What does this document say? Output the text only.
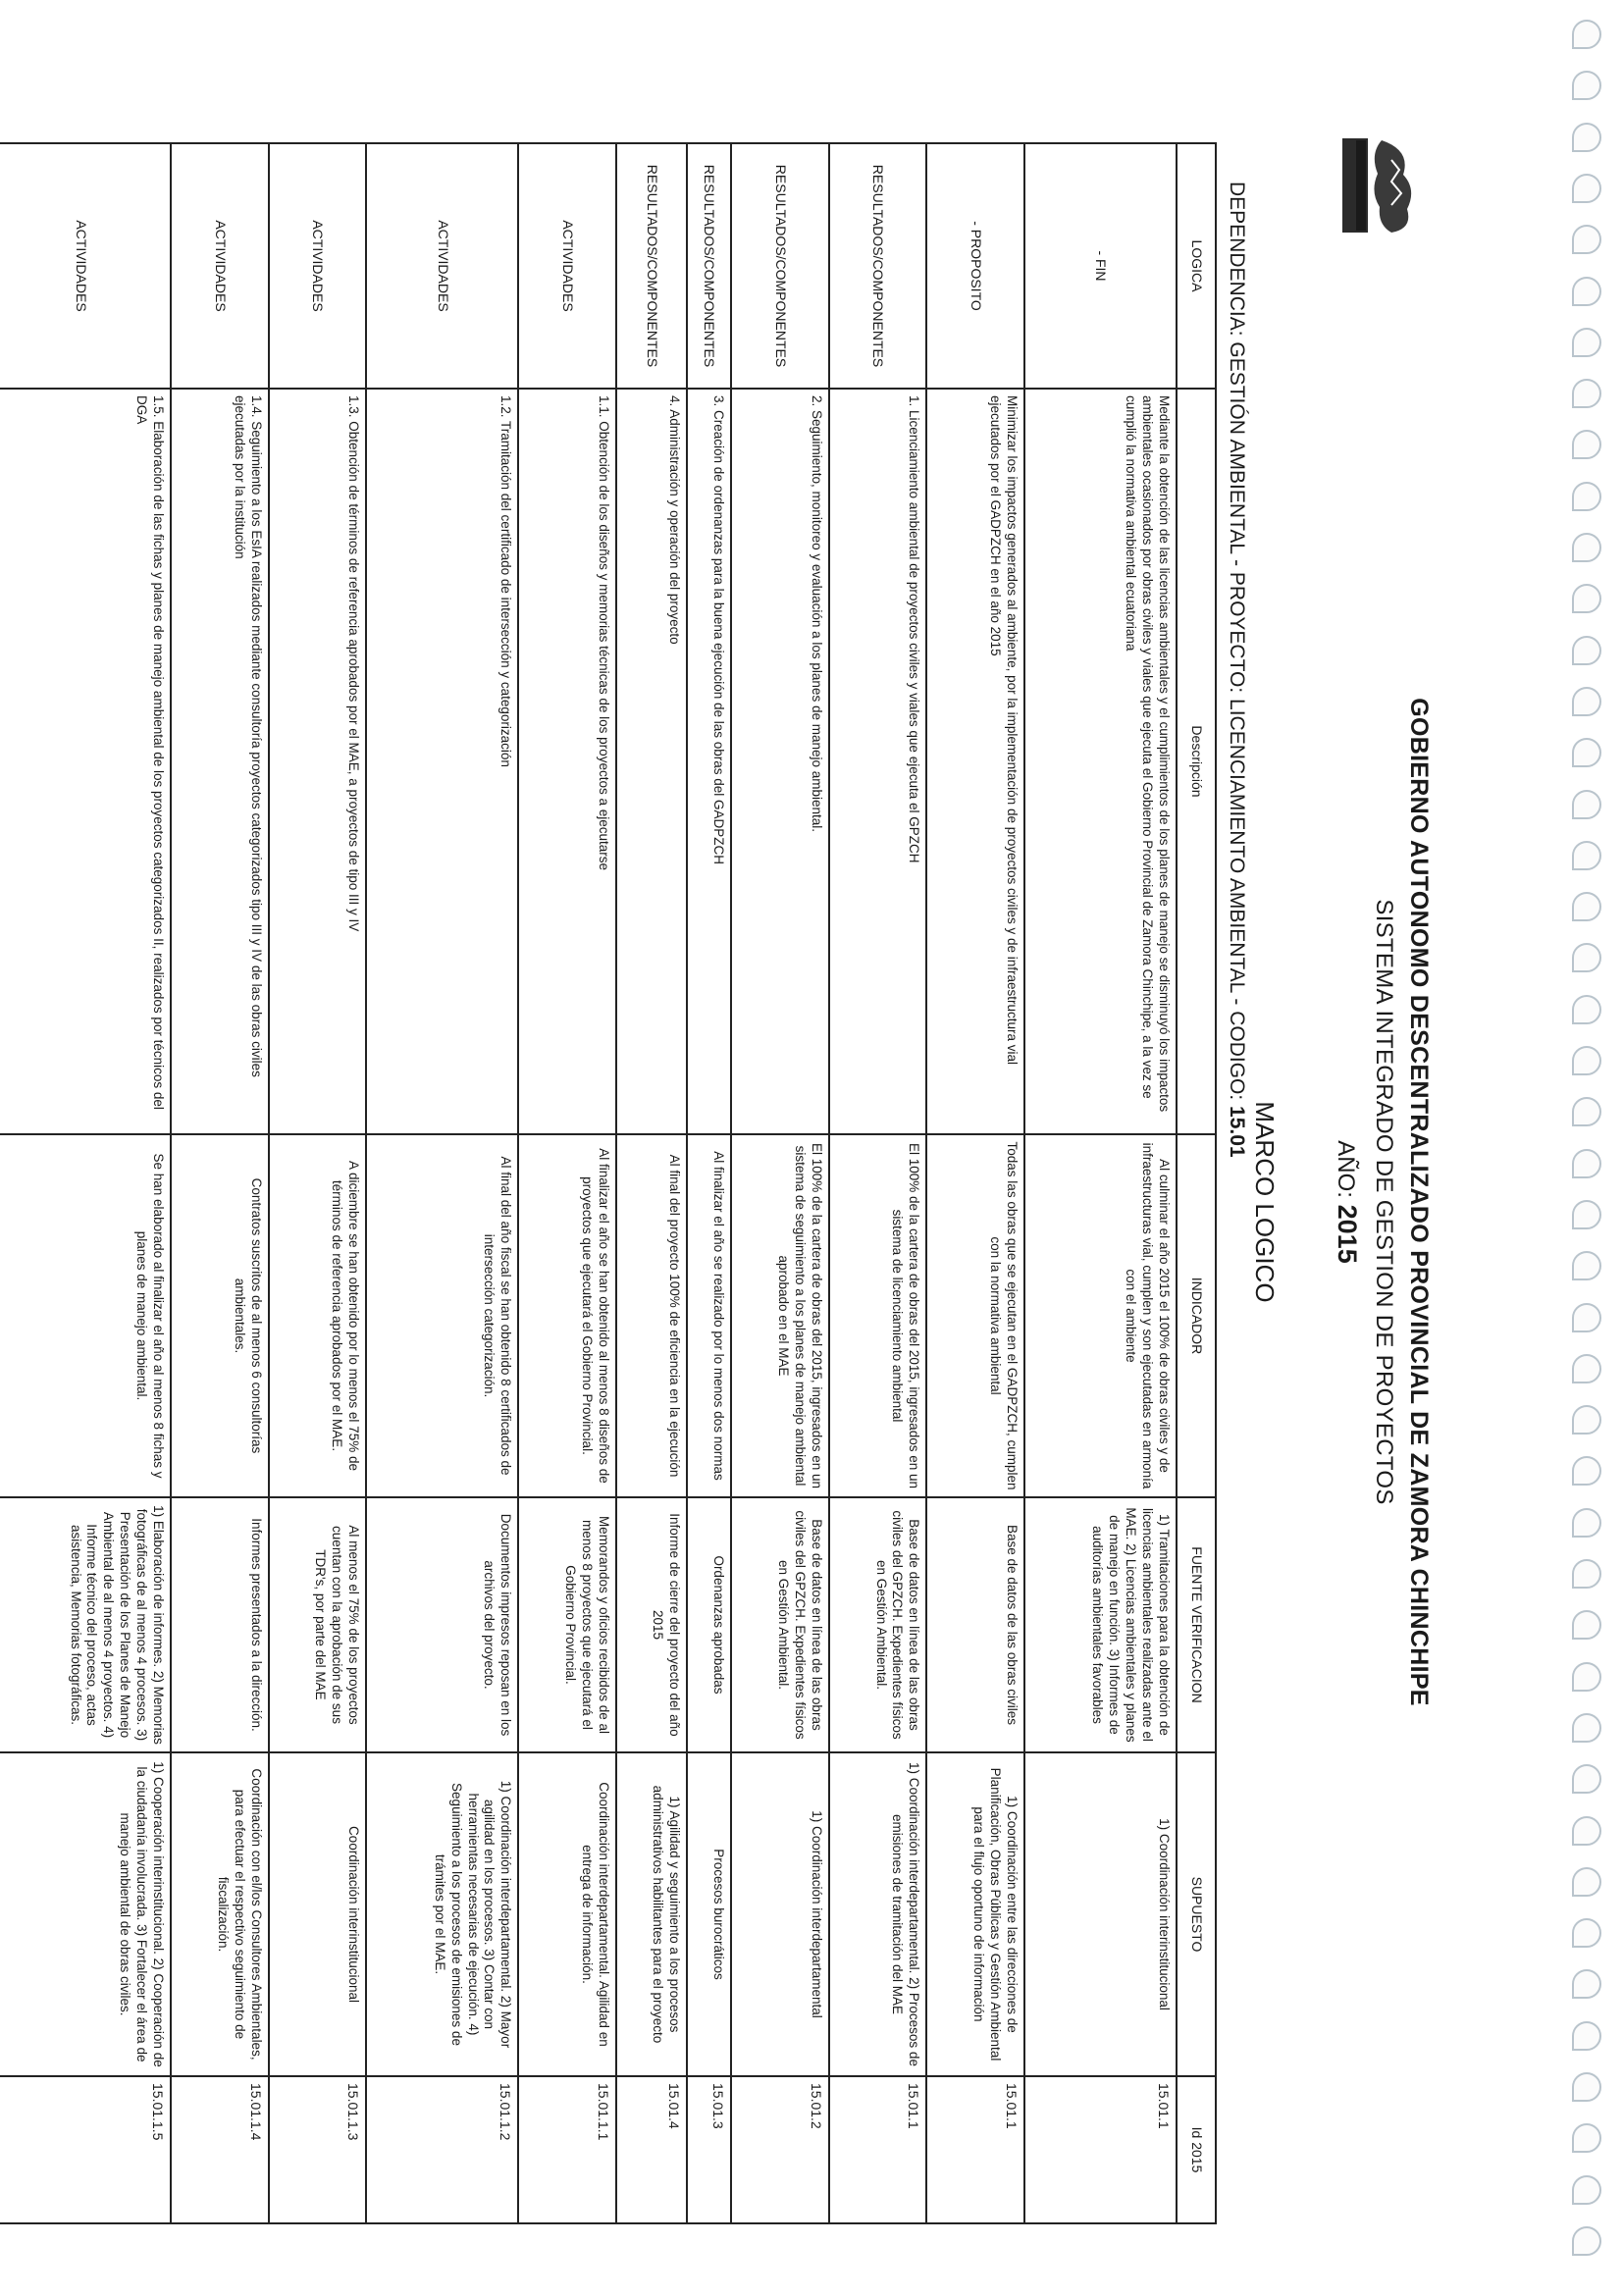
GOBIERNO AUTONOMO DESCENTRALIZADO PROVINCIAL DE ZAMORA CHINCHIPE
SISTEMA INTEGRADO DE GESTION DE PROYECTOS
AÑO: 2015
MARCO LOGICO
DEPENDENCIA: GESTIÓN AMBIENTAL - PROYECTO: LICENCIAMIENTO AMBIENTAL - CODIGO: 15.01
LOGICA	Descripción	INDICADOR	FUENTE VERIFICACION	SUPUESTO	Id 2015
- FIN	Mediante la obtención de las licencias ambientales y el cumplimientos de los planes de manejo se disminuyó los impactos ambientales ocasionados por obras civiles y viales que ejecuta el Gobierno Provincial de Zamora Chinchipe, a la vez se cumplió la normativa ambiental ecuatoriana	Al culminar el año 2015 el 100% de obras civiles y de infraestructuras vial, cumplen y son ejecutadas en armonía con el ambiente	1) Tramitaciones para la obtención de licencias ambientales realizadas ante el MAE. 2) Licencias ambientales y planes de manejo en función. 3) Informes de auditorías ambientales favorables	1) Coordinación interinstitucional	15.01.1
- PROPOSITO	Minimizar los impactos generados al ambiente, por la implementación de proyectos civiles y de infraestructura vial ejecutados por el GADPZCH en el año 2015	Todas las obras que se ejecutan en el GADPZCH, cumplen con la normativa ambiental	Base de datos de las obras civiles	1) Coordinación entre las direcciones de Planificación, Obras Públicas y Gestión Ambiental para el flujo oportuno de información	15.01.1
RESULTADOS/COMPONENTES	1. Licenciamiento ambiental de proyectos civiles y viales que ejecuta el GPZCH	El 100% de la cartera de obras del 2015, ingresados en un sistema de licenciamiento ambiental	Base de datos en línea de las obras civiles del GPZCH. Expedientes físicos en Gestión Ambiental.	1) Coordinación interdepartamental. 2) Procesos de emisiones de tramitación del MAE	15.01.1
RESULTADOS/COMPONENTES	2. Seguimiento, monitoreo y evaluación a los planes de manejo ambiental.	El 100% de la cartera de obras del 2015, ingresados en un sistema de seguimiento a los planes de manejo ambiental aprobado en el MAE	Base de datos en línea de las obras civiles del GPZCH. Expedientes físicos en Gestión Ambiental.	1) Coordinación interdepartamental	15.01.2
RESULTADOS/COMPONENTES	3. Creación de ordenanzas para la buena ejecución de las obras del GADPZCH	Al finalizar el año se realizado por lo menos dos normas	Ordenanzas aprobadas	Procesos burocráticos	15.01.3
RESULTADOS/COMPONENTES	4. Administración y operación del proyecto	Al final del proyecto 100% de eficiencia en la ejecución	Informe de cierre del proyecto del año 2015	1) Agilidad y seguimiento a los procesos administrativos habilitantes para el proyecto	15.01.4
ACTIVIDADES	1.1. Obtención de los diseños y memorias técnicas de los proyectos a ejecutarse	Al finalizar el año se han obtenido al menos 8 diseños de proyectos que ejecutará el Gobierno Provincial.	Memorandos y oficios recibidos de al menos 8 proyectos que ejecutará el Gobierno Provincial.	Coordinación interdepartamental. Agilidad en entrega de información.	15.01.1.1
ACTIVIDADES	1.2. Tramitación del certificado de intersección y categorización	Al final del año fiscal se han obtenido 8 certificados de intersección categorización.	Documentos impresos reposan en los archivos del proyecto.	1) Coordinación interdepartamental. 2) Mayor agilidad en los procesos. 3) Contar con herramientas necesarias de ejecución. 4) Seguimiento a los procesos de emisiones de trámites por el MAE.	15.01.1.2
ACTIVIDADES	1.3. Obtención de términos de referencia aprobados por el MAE, a proyectos de tipo III y IV	A diciembre se han obtenido por lo menos el 75% de términos de referencia aprobados por el MAE.	Al menos el 75% de los proyectos cuentan con la aprobación de sus TDR's, por parte del MAE	Coordinación interinstitucional	15.01.1.3
ACTIVIDADES	1.4. Seguimiento a los EsIA realizados mediante consultoría proyectos categorizados tipo III y IV de las obras civiles ejecutadas por la institución	Contratos suscritos de al menos 6 consultorías ambientales.	Informes presentados a la dirección.	Coordinación con el/los Consultores Ambientales, para efectuar el respectivo seguimiento de fiscalización.	15.01.1.4
ACTIVIDADES	1.5. Elaboración de las fichas y planes de manejo ambiental de los proyectos categorizados II, realizados por técnicos del DGA	Se han elaborado al finalizar el año al menos 8 fichas y planes de manejo ambiental.	1) Elaboración de informes. 2) Memorias fotográficas de al menos 4 procesos. 3) Presentación de los Planes de Manejo Ambiental de al menos 4 proyectos. 4) Informe técnico del proceso, actas asistencia, Memorias fotográficas.	1) Cooperación interinstitucional. 2) Cooperación de la ciudadanía involucrada. 3) Fortalecer el área de manejo ambiental de obras civiles.	15.01.1.5
